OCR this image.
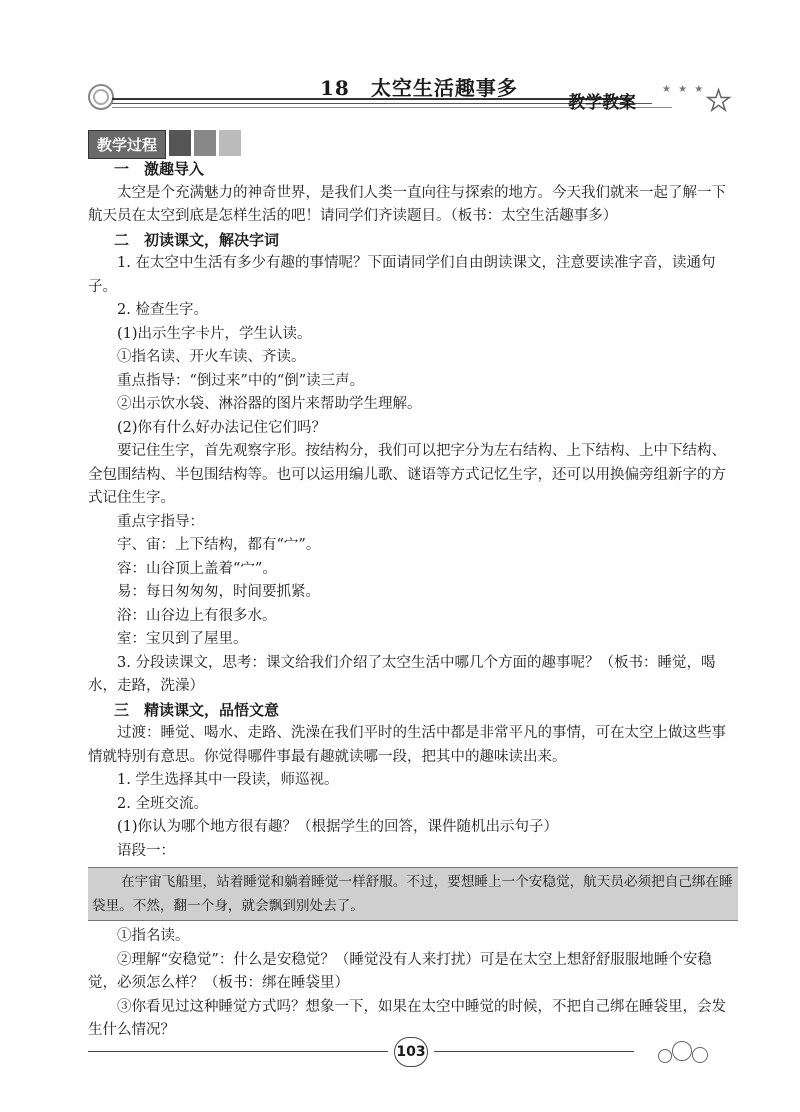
18　太空生活趣事多
教学教案
★ ★ ★ ★
教学过程

一　激趣导入

太空是个充满魅力的神奇世界，是我们人类一直向往与探索的地方。今天我们就来一起了解一下航天员在太空到底是怎样生活的吧！请同学们齐读题目。（板书：太空生活趣事多）

二　初读课文，解决字词

1. 在太空中生活有多少有趣的事情呢？下面请同学们自由朗读课文，注意要读准字音，读通句子。

2. 检查生字。

(1)出示生字卡片，学生认读。

①指名读、开火车读、齐读。

重点指导：“倒过来”中的“倒”读三声。

②出示饮水袋、淋浴器的图片来帮助学生理解。

(2)你有什么好办法记住它们吗？

要记住生字，首先观察字形。按结构分，我们可以把字分为左右结构、上下结构、上中下结构、全包围结构、半包围结构等。也可以运用编儿歌、谜语等方式记忆生字，还可以用换偏旁组新字的方式记住生字。

重点字指导：

宇、宙：上下结构，都有“宀”。

容：山谷顶上盖着“宀”。

易：每日匆匆匆，时间要抓紧。

浴：山谷边上有很多水。

室：宝贝到了屋里。

3. 分段读课文，思考：课文给我们介绍了太空生活中哪几个方面的趣事呢？（板书：睡觉，喝水，走路，洗澡）

三　精读课文，品悟文意

过渡：睡觉、喝水、走路、洗澡在我们平时的生活中都是非常平凡的事情，可在太空上做这些事情就特别有意思。你觉得哪件事最有趣就读哪一段，把其中的趣味读出来。

1. 学生选择其中一段读，师巡视。

2. 全班交流。

(1)你认为哪个地方很有趣？（根据学生的回答，课件随机出示句子）

语段一：

在宇宙飞船里，站着睡觉和躺着睡觉一样舒服。不过，要想睡上一个安稳觉，航天员必须把自己绑在睡袋里。不然，翻一个身，就会飘到别处去了。

①指名读。

②理解“安稳觉”：什么是安稳觉？（睡觉没有人来打扰）可是在太空上想舒舒服服地睡个安稳觉，必须怎么样？（板书：绑在睡袋里）

③你看见过这种睡觉方式吗？想象一下，如果在太空中睡觉的时候，不把自己绑在睡袋里，会发生什么情况？

103
